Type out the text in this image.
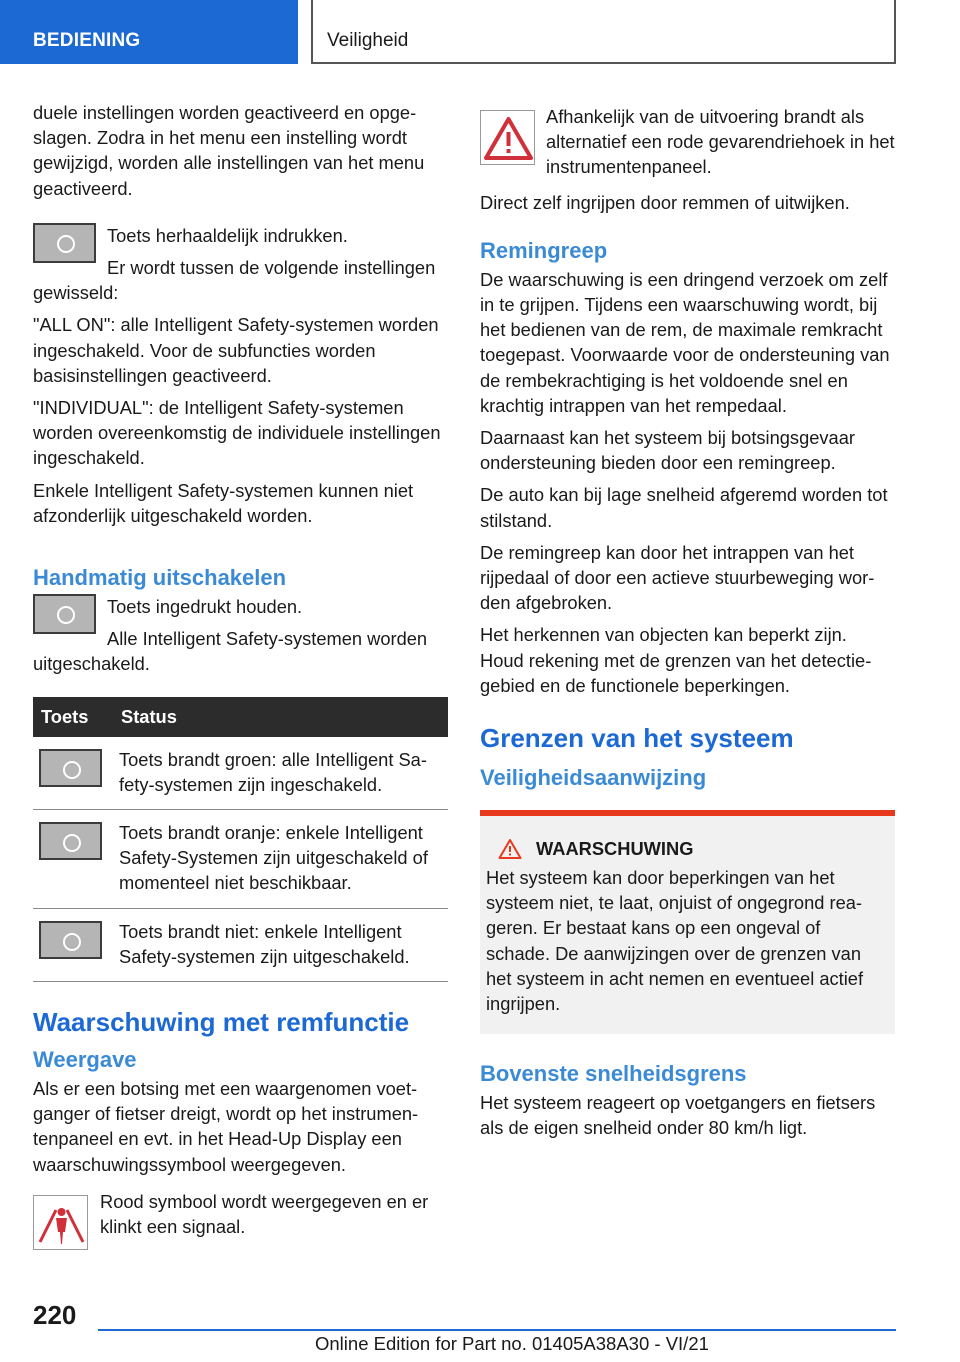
BEDIENING	Veiligheid

duele instellingen worden geactiveerd en opgeslagen. Zodra in het menu een instelling wordt gewijzigd, worden alle instellingen van het menu geactiveerd.

Toets herhaaldelijk indrukken.

Er wordt tussen de volgende instellingen gewisseld:

"ALL ON": alle Intelligent Safety-systemen worden ingeschakeld. Voor de subfuncties worden basisinstellingen geactiveerd.

"INDIVIDUAL": de Intelligent Safety-systemen worden overeenkomstig de individuele instellingen ingeschakeld.

Enkele Intelligent Safety-systemen kunnen niet afzonderlijk uitgeschakeld worden.

Handmatig uitschakelen

Toets ingedrukt houden.

Alle Intelligent Safety-systemen worden uitgeschakeld.

Toets	Status
	Toets brandt groen: alle Intelligent Safety-systemen zijn ingeschakeld.
	Toets brandt oranje: enkele Intelligent Safety-Systemen zijn uitgeschakeld of momenteel niet beschikbaar.
	Toets brandt niet: enkele Intelligent Safety-systemen zijn uitgeschakeld.
Waarschuwing met remfunctie
Weergave

Als er een botsing met een waargenomen voetganger of fietser dreigt, wordt op het instrumentenpaneel en evt. in het Head-Up Display een waarschuwingssymbool weergegeven.

Rood symbool wordt weergegeven en er klinkt een signaal.

Afhankelijk van de uitvoering brandt als alternatief een rode gevarendriehoek in het instrumentenpaneel.

Direct zelf ingrijpen door remmen of uitwijken.

Remingreep

De waarschuwing is een dringend verzoek om zelf in te grijpen. Tijdens een waarschuwing wordt, bij het bedienen van de rem, de maximale remkracht toegepast. Voorwaarde voor de ondersteuning van de rembekrachtiging is het voldoende snel en krachtig intrappen van het rempedaal.

Daarnaast kan het systeem bij botsingsgevaar ondersteuning bieden door een remingreep.

De auto kan bij lage snelheid afgeremd worden tot stilstand.

De remingreep kan door het intrappen van het rijpedaal of door een actieve stuurbeweging worden afgebroken.

Het herkennen van objecten kan beperkt zijn. Houd rekening met de grenzen van het detectiegebied en de functionele beperkingen.

Grenzen van het systeem
Veiligheidsaanwijzing
WAARSCHUWING

Het systeem kan door beperkingen van het systeem niet, te laat, onjuist of ongegrond reageren. Er bestaat kans op een ongeval of schade. De aanwijzingen over de grenzen van het systeem in acht nemen en eventueel actief ingrijpen.

Bovenste snelheidsgrens

Het systeem reageert op voetgangers en fietsers als de eigen snelheid onder 80 km/h ligt.

220
Online Edition for Part no. 01405A38A30 - VI/21
